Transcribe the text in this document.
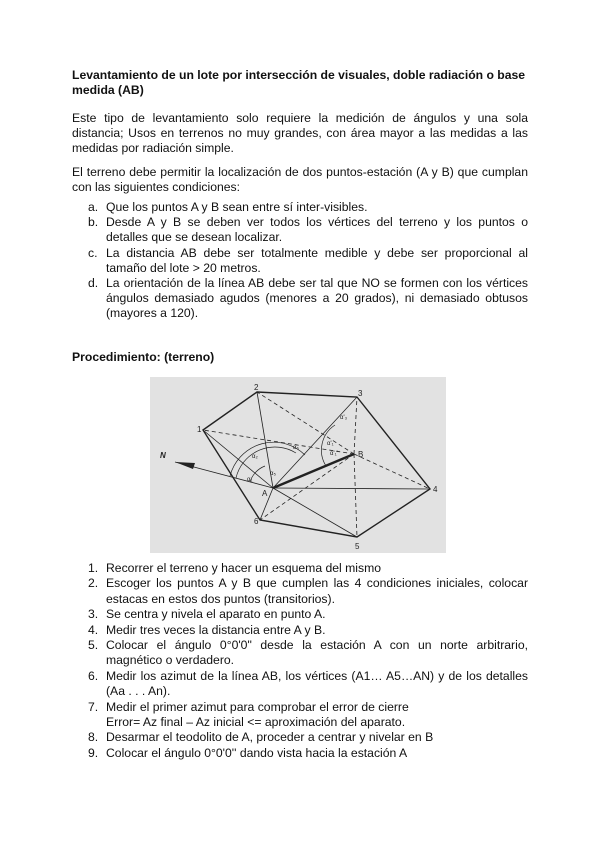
Levantamiento de un lote por intersección de visuales, doble radiación o base medida (AB)
Este tipo de levantamiento solo requiere la medición de ángulos y una sola distancia; Usos en terrenos no muy grandes, con área mayor a las medidas a las medidas por radiación simple.
El terreno debe permitir la localización de dos puntos-estación (A y B) que cumplan con las siguientes condiciones:
a. Que los puntos A y B sean entre sí inter-visibles.
b. Desde A y B se deben ver todos los vértices del terreno y los puntos o detalles que se desean localizar.
c. La distancia AB debe ser totalmente medible y debe ser proporcional al tamaño del lote > 20 metros.
d. La orientación de la línea AB debe ser tal que NO se formen con los vértices ángulos demasiado agudos (menores a 20 grados), ni demasiado obtusos (mayores a 120).
Procedimiento: (terreno)
N
1
2
3
4
5
6
A
B
α₁
α₂
α₅
α₆
α'₁
α'₁'
α'₃
1. Recorrer el terreno y hacer un esquema del mismo
2. Escoger los puntos A y B que cumplen las 4 condiciones iniciales, colocar estacas en estos dos puntos (transitorios).
3. Se centra y nivela el aparato en punto A.
4. Medir tres veces la distancia entre A y B.
5. Colocar el ángulo 0°0'0" desde la estación A con un norte arbitrario, magnético o verdadero.
6. Medir los azimut de la línea AB, los vértices (A1… A5…AN) y de los detalles (Aa . . . An).
7. Medir el primer azimut para comprobar el error de cierre
Error= Az final – Az inicial <= aproximación del aparato.
8. Desarmar el teodolito de A, proceder a centrar y nivelar en B
9. Colocar el ángulo 0°0'0'' dando vista hacia la estación A
